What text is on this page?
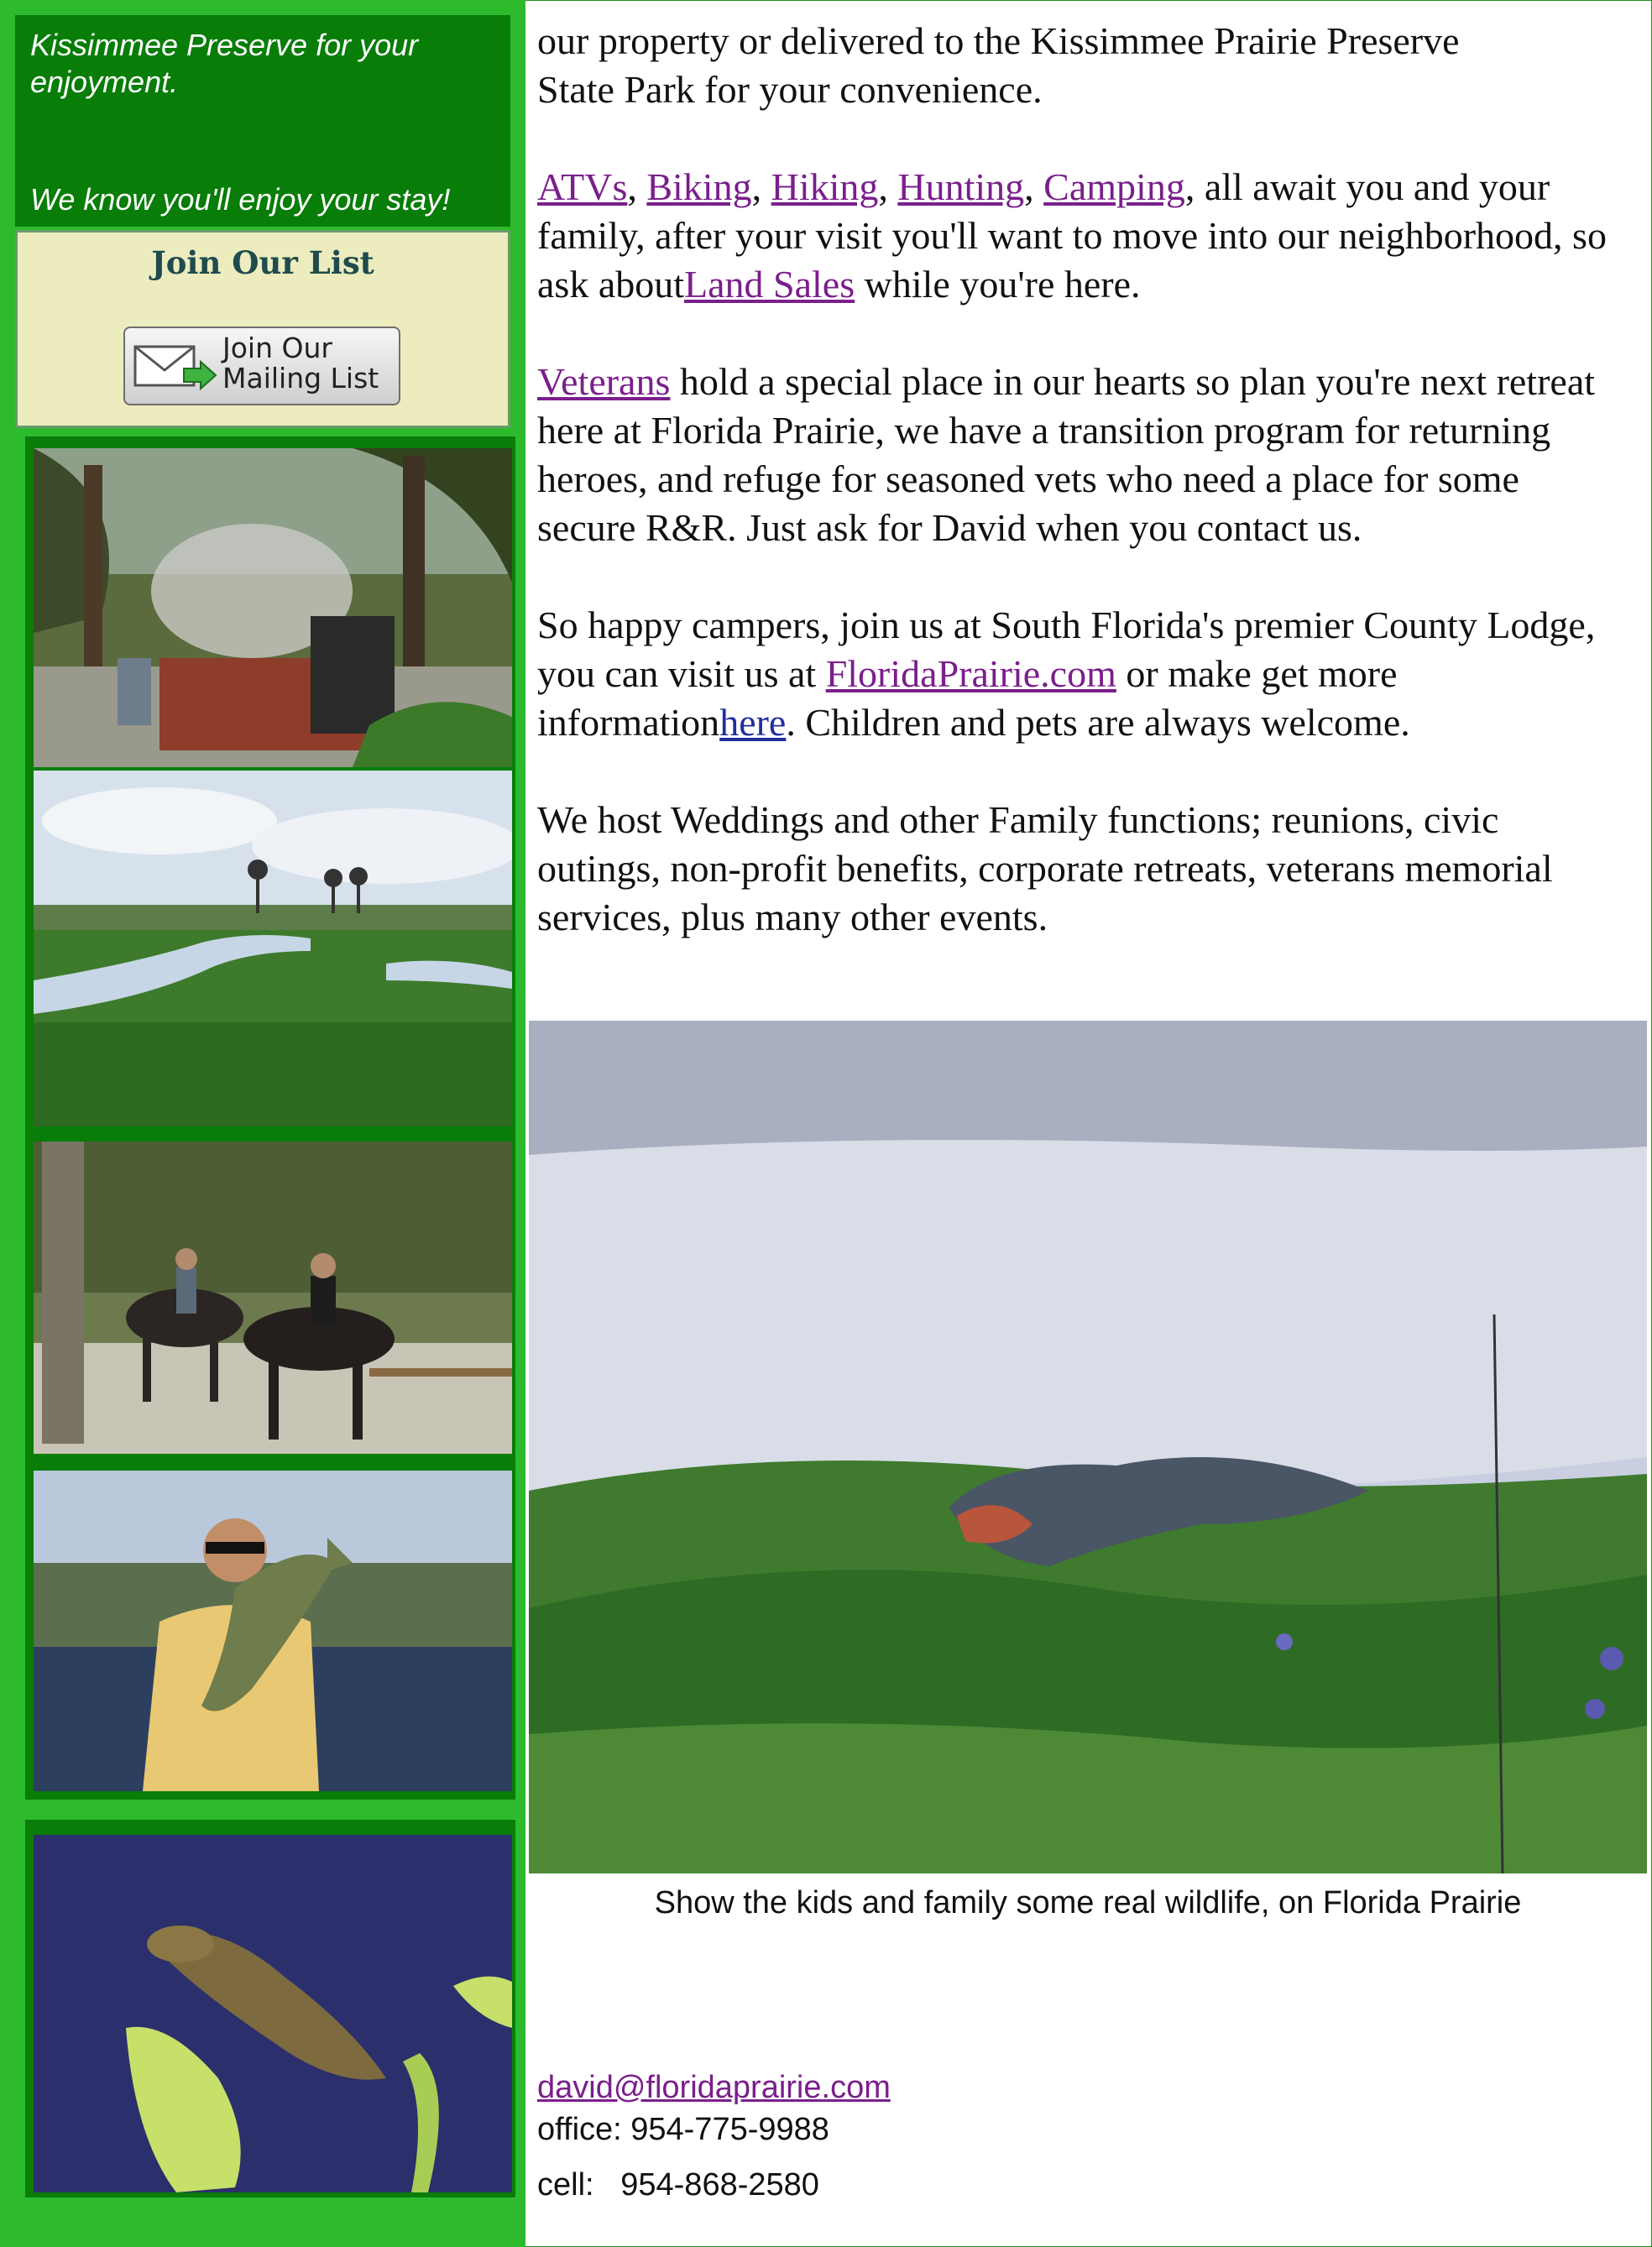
Kissimmee Preserve for your enjoyment.

We know you'll enjoy your stay!

Join Our List
Join Our
Mailing List

our property or delivered to the Kissimmee Prairie Preserve State Park for your convenience.

ATVs, Biking, Hiking, Hunting, Camping, all await you and your family, after your visit you'll want to move into our neighborhood, so ask aboutLand Sales while you're here.

Veterans hold a special place in our hearts so plan you're next retreat here at Florida Prairie, we have a transition program for returning heroes, and refuge for seasoned vets who need a place for some secure R&R. Just ask for David when you contact us.

So happy campers, join us at South Florida's premier County Lodge, you can visit us at FloridaPrairie.com or make get more informationhere. Children and pets are always welcome.

We host Weddings and other Family functions; reunions, civic outings, non-profit benefits, corporate retreats, veterans memorial services, plus many other events.

Show the kids and family some real wildlife, on Florida Prairie
david@floridaprairie.com
office: 954-775-9988
cell:   954-868-2580
